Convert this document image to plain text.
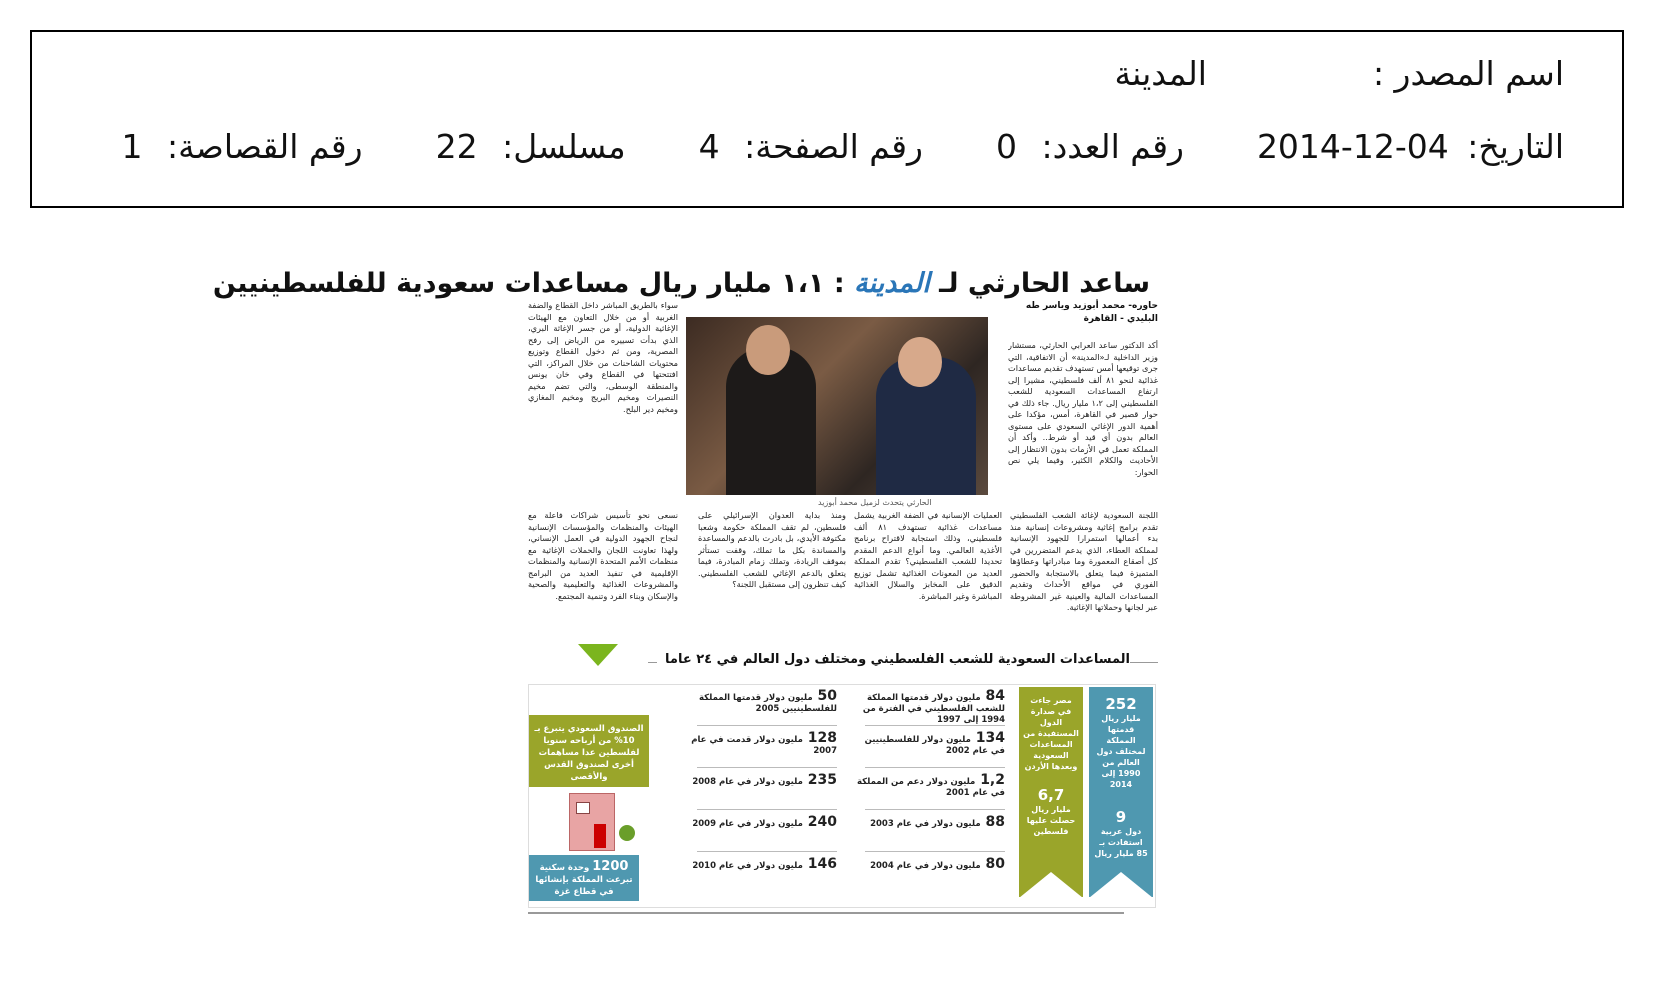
اسم المصدر :  المدينة
التاريخ: 2014-12-04  رقم العدد: 0  رقم الصفحة: 4  مسلسل: 22  رقم القصاصة: 1
ساعد الحارثي لـ المدينة : ١،١ مليار ريال مساعدات سعودية للفلسطينيين
حاوره- محمد أبوزيد وياسر طه البليدي - القاهرة
أكد الدكتور ساعد العرابي الحارثي، مستشار وزير الداخلية لـ«المدينة» أن الاتفاقية، التي جرى توقيعها أمس تستهدف تقديم مساعدات غذائية لنحو ٨١ ألف فلسطيني، مشيرا إلى ارتفاع المساعدات السعودية للشعب الفلسطيني إلى ١،٢ مليار ريال. جاء ذلك في حوار قصير في القاهرة، أمس، مؤكدا على أهمية الدور الإغاثي السعودي على مستوى العالم بدون أي قيد أو شرط.. وأكد أن المملكة تعمل في الأزمات بدون الانتظار إلى الأحاديث والكلام الكثير، وفيما يلي نص الحوار:
الحارثي يتحدث لزميل محمد أبوزيد
سواء بالطريق المباشر داخل القطاع والضفة الغربية أو من خلال التعاون مع الهيئات الإغاثية الدولية، أو من جسر الإغاثة البري، الذي بدأت تسييره من الرياض إلى رفح المصرية، ومن ثم دخول القطاع وتوزيع محتويات الشاحنات من خلال المراكز، التي افتتحتها في القطاع وفي خان يونس والمنطقة الوسطى، والتي تضم مخيم النصيرات ومخيم البريج ومخيم المغازي ومخيم دير البلح.
اللجنة السعودية لإغاثة الشعب الفلسطيني تقدم برامج إغاثية ومشروعات إنسانية منذ بدء أعمالها استمرارا للجهود الإنسانية لمملكة العطاء، الذي يدعم المتضررين في كل أصقاع المعمورة وما مبادراتها وعطاؤها المتميزة فيما يتعلق بالاستجابة والحضور الفوري في مواقع الأحداث وتقديم المساعدات المالية والعينية غير المشروطة عبر لجانها وحملاتها الإغاثية.
العمليات الإنسانية في الضفة الغربية يشمل مساعدات غذائية تستهدف ٨١ ألف فلسطيني، وذلك استجابة لاقتراح برنامج الأغذية العالمي. وما أنواع الدعم المقدم تحديدا للشعب الفلسطيني؟ تقدم المملكة العديد من المعونات الغذائية تشمل توزيع الدقيق على المخابز والسلال الغذائية المباشرة وغير المباشرة.
ومنذ بداية العدوان الإسرائيلي على فلسطين، لم تقف المملكة حكومة وشعبا مكتوفة الأيدي، بل بادرت بالدعم والمساعدة والمساندة بكل ما تملك، وقفت تستأثر بموقف الريادة، وتملك زمام المبادرة، فيما يتعلق بالدعم الإغاثي للشعب الفلسطيني. كيف تنظرون إلى مستقبل اللجنة؟
نسعى نحو تأسيس شراكات فاعلة مع الهيئات والمنظمات والمؤسسات الإنسانية لنجاح الجهود الدولية في العمل الإنساني، ولهذا تعاونت اللجان والحملات الإغاثية مع منظمات الأمم المتحدة الإنسانية والمنظمات الإقليمية في تنفيذ العديد من البرامج والمشروعات الغذائية والتعليمية والصحية والإسكان وبناء الفرد وتنمية المجتمع.
المساعدات السعودية للشعب الفلسطيني ومختلف دول العالم في ٢٤ عاما
252
مليار ريال قدمتها المملكة لمختلف دول العالم من 1990 إلى 2014
9
دول عربية استفادت بـ 85 مليار ريال
مصر جاءت في صدارة الدول المستفيدة من المساعدات السعودية وبعدها الأردن
6,7
مليار ريال حصلت عليها فلسطين
84 مليون دولار قدمتها المملكة للشعب الفلسطيني في الفترة من 1994 إلى 1997
134 مليون دولار للفلسطينيين في عام 2002
1,2 مليون دولار دعم من المملكة في عام 2001
88 مليون دولار في عام 2003
80 مليون دولار في عام 2004
50 مليون دولار قدمتها المملكة للفلسطينيين 2005
128 مليون دولار قدمت في عام 2007
235 مليون دولار في عام 2008
240 مليون دولار في عام 2009
146 مليون دولار في عام 2010
الصندوق السعودي يتبرع بـ 10% من أرباحه سنويا لفلسطين عدا مساهمات أخرى لصندوق القدس والأقصى
1200 وحدة سكنية تبرعت المملكة بإنشائها في قطاع غزة
